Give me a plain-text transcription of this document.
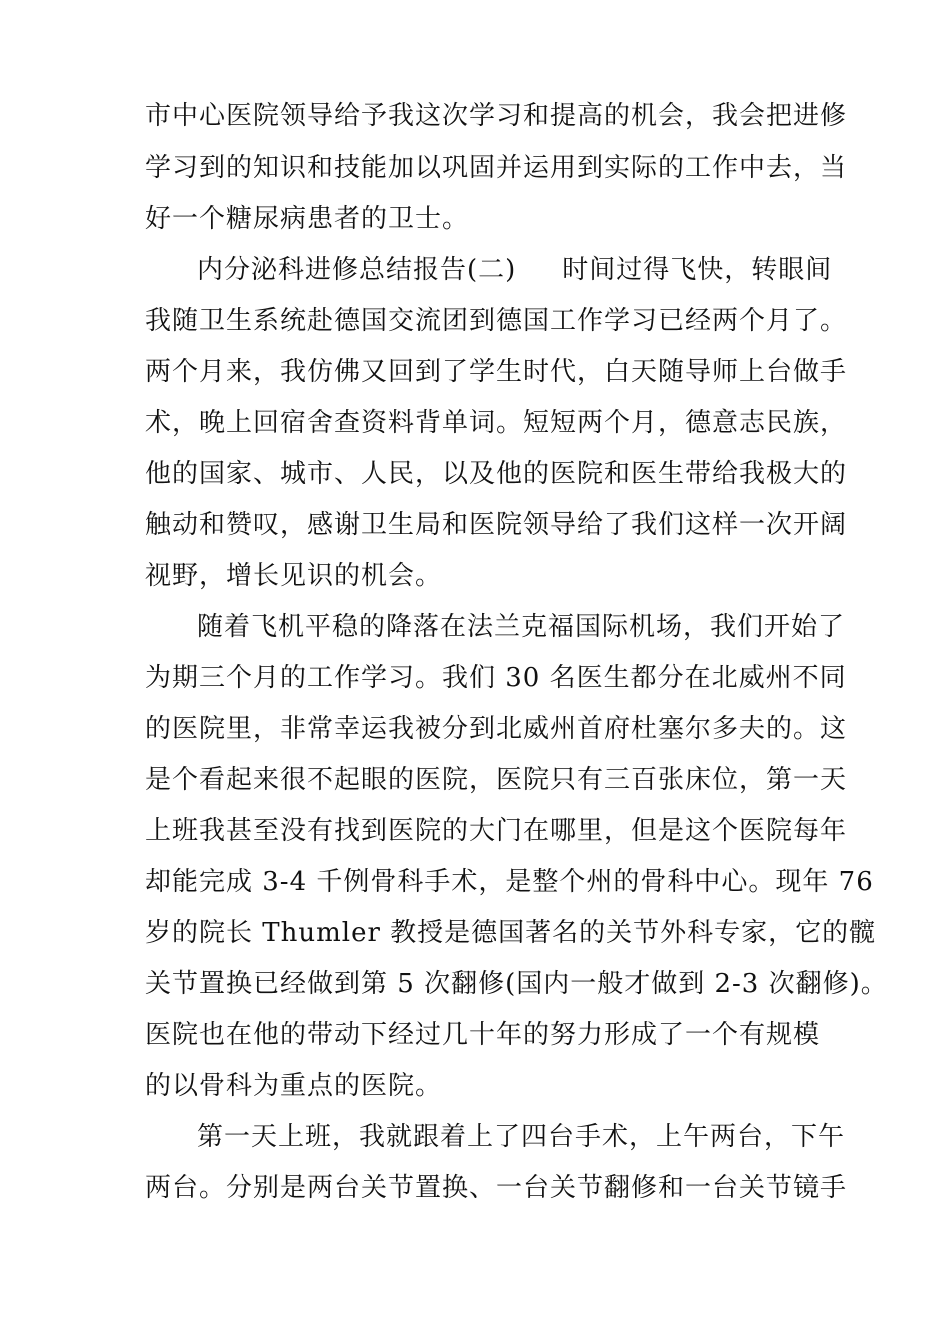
市中心医院领导给予我这次学习和提高的机会，我会把进修
学习到的知识和技能加以巩固并运用到实际的工作中去，当
好一个糖尿病患者的卫士。
内分泌科进修总结报告(二) 时间过得飞快，转眼间
我随卫生系统赴德国交流团到德国工作学习已经两个月了。
两个月来，我仿佛又回到了学生时代，白天随导师上台做手
术，晚上回宿舍查资料背单词。短短两个月，德意志民族，
他的国家、城市、人民，以及他的医院和医生带给我极大的
触动和赞叹，感谢卫生局和医院领导给了我们这样一次开阔
视野，增长见识的机会。
随着飞机平稳的降落在法兰克福国际机场，我们开始了
为期三个月的工作学习。我们 30 名医生都分在北威州不同
的医院里，非常幸运我被分到北威州首府杜塞尔多夫的。这
是个看起来很不起眼的医院，医院只有三百张床位，第一天
上班我甚至没有找到医院的大门在哪里，但是这个医院每年
却能完成 3-4 千例骨科手术，是整个州的骨科中心。现年 76
岁的院长 Thumler 教授是德国著名的关节外科专家，它的髋
关节置换已经做到第 5 次翻修(国内一般才做到 2-3 次翻修)。
医院也在他的带动下经过几十年的努力形成了一个有规模
的以骨科为重点的医院。
第一天上班，我就跟着上了四台手术，上午两台，下午
两台。分别是两台关节置换、一台关节翻修和一台关节镜手
